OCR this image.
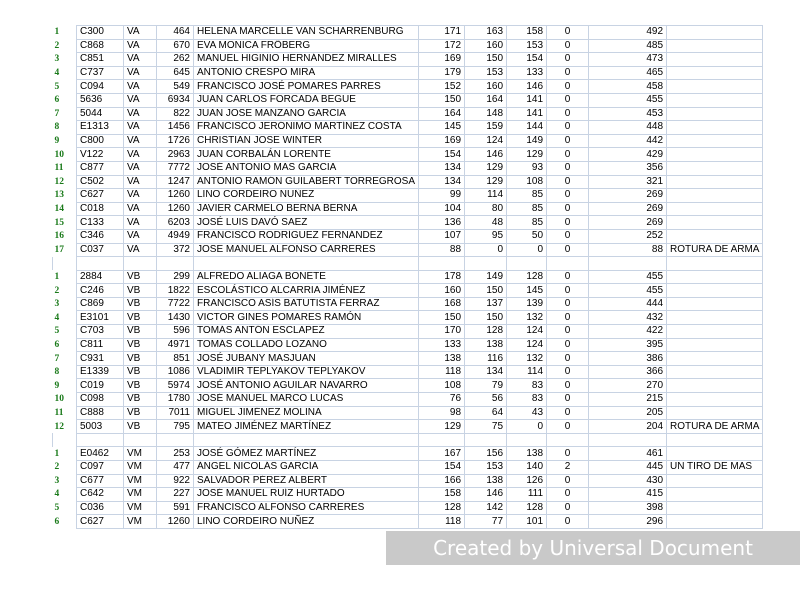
1	C300	VA	464	HELENA MARCELLE VAN SCHARRENBURG	171	163	158	0	492	
2	C868	VA	670	EVA MONICA FRÖBERG	172	160	153	0	485	
3	C851	VA	262	MANUEL HIGINIO HERNÁNDEZ MIRALLES	169	150	154	0	473	
4	C737	VA	645	ANTONIO CRESPO MIRA	179	153	133	0	465	
5	C094	VA	549	FRANCISCO JOSÉ POMARES PARRES	152	160	146	0	458	
6	5636	VA	6934	JUAN CARLOS FORCADA BEGUE	150	164	141	0	455	
7	5044	VA	822	JUAN JOSE MANZANO GARCIA	164	148	141	0	453	
8	E1313	VA	1456	FRANCISCO JERÓNIMO MARTÍNEZ COSTA	145	159	144	0	448	
9	C800	VA	1726	CHRISTIAN JOSE WINTER	169	124	149	0	442	
10	V122	VA	2963	JUAN CORBALÁN LORENTE	154	146	129	0	429	
11	C877	VA	7772	JOSÉ ANTONIO MAS GARCIA	134	129	93	0	356	
12	C502	VA	1247	ANTONIO RAMÓN GUILABERT TORREGROSA	134	129	108	0	321	
13	C627	VA	1260	LINO CORDEIRO NUÑEZ	99	114	85	0	269	
14	C018	VA	1260	JAVIER CARMELO BERNA BERNA	104	80	85	0	269	
15	C133	VA	6203	JOSÉ LUIS DAVÓ SAEZ	136	48	85	0	269	
16	C346	VA	4949	FRANCISCO RODRÍGUEZ FERNÁNDEZ	107	95	50	0	252	
17	C037	VA	372	JOSE MANUEL ALFONSO CARRERES	88	0	0	0	88	ROTURA DE ARMA

1	2884	VB	299	ALFREDO ALIAGA BONETE	178	149	128	0	455	
2	C246	VB	1822	ESCOLÁSTICO ALCARRIA JIMÉNEZ	160	150	145	0	455	
3	C869	VB	7722	FRANCISCO ASÍS BATUTISTA FERRAZ	168	137	139	0	444	
4	E3101	VB	1430	VICTOR GINES POMARES RAMÓN	150	150	132	0	432	
5	C703	VB	596	TOMÁS ANTÓN ESCLAPEZ	170	128	124	0	422	
6	C811	VB	4971	TOMÁS COLLADO LOZANO	133	138	124	0	395	
7	C931	VB	851	JOSÉ JUBANY MASJUAN	138	116	132	0	386	
8	E1339	VB	1086	VLADIMIR TEPLYAKOV TEPLYAKOV	118	134	114	0	366	
9	C019	VB	5974	JOSÉ ANTONIO AGUILAR NAVARRO	108	79	83	0	270	
10	C098	VB	1780	JOSÉ MANUEL MARCO LUCAS	76	56	83	0	215	
11	C888	VB	7011	MIGUEL JIMÉNEZ MOLINA	98	64	43	0	205	
12	5003	VB	795	MATEO JIMÉNEZ MARTÍNEZ	129	75	0	0	204	ROTURA DE ARMA

1	E0462	VM	253	JOSÉ GÓMEZ MARTÍNEZ	167	156	138	0	461	
2	C097	VM	477	ÁNGEL NICOLÁS GARCÍA	154	153	140	2	445	UN TIRO DE MAS
3	C677	VM	922	SALVADOR PÉREZ ALBERT	166	138	126	0	430	
4	C642	VM	227	JOSÉ MANUEL RUÍZ HURTADO	158	146	111	0	415	
5	C036	VM	591	FRANCISCO ALFONSO CARRERES	128	142	128	0	398	
6	C627	VM	1260	LINO CORDEIRO NUÑEZ	118	77	101	0	296	
Created by Universal Document Converter
